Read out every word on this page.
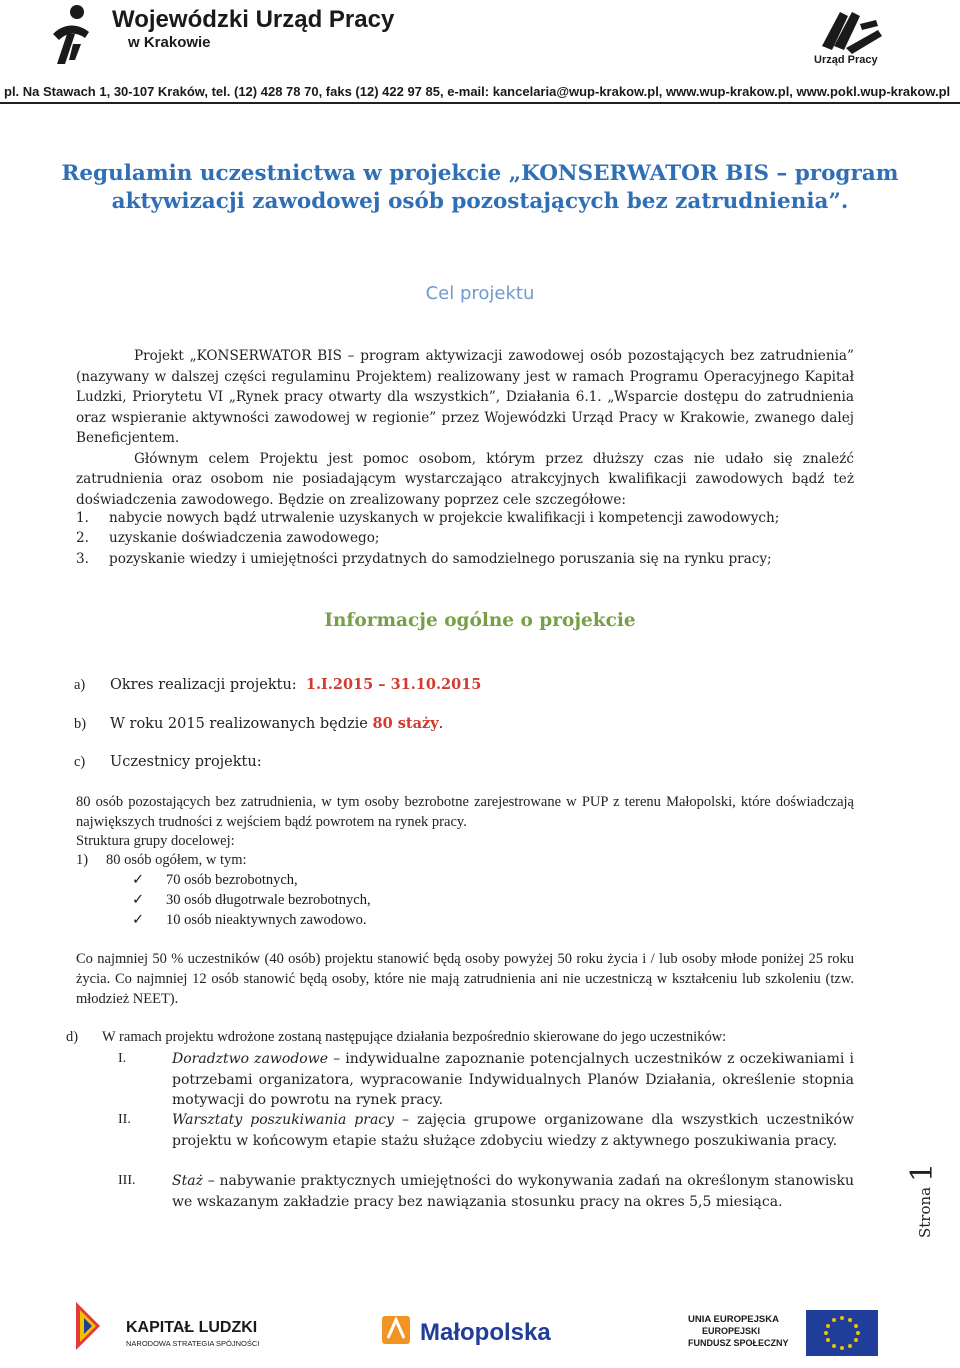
Wojewódzki Urząd Pracy
w Krakowie
Urząd Pracy
pl. Na Stawach 1, 30-107 Kraków, tel. (12) 428 78 70, faks (12) 422 97 85, e-mail: kancelaria@wup-krakow.pl, www.wup-krakow.pl, www.pokl.wup-krakow.pl
Regulamin uczestnictwa w projekcie „KONSERWATOR BIS – program
aktywizacji zawodowej osób pozostających bez zatrudnienia”.
Cel projektu

Projekt „KONSERWATOR BIS – program aktywizacji zawodowej osób pozostających bez zatrudnienia” (nazywany w dalszej części regulaminu Projektem) realizowany jest w ramach Programu Operacyjnego Kapitał Ludzki, Priorytetu VI „Rynek pracy otwarty dla wszystkich”, Działania 6.1. „Wsparcie dostępu do zatrudnienia oraz wspieranie aktywności zawodowej w regionie” przez Wojewódzki Urząd Pracy w Krakowie, zwanego dalej Beneficjentem.

Głównym celem Projektu jest pomoc osobom, którym przez dłuższy czas nie udało się znaleźć zatrudnienia oraz osobom nie posiadającym wystarczająco atrakcyjnych kwalifikacji zawodowych bądź też doświadczenia zawodowego. Będzie on zrealizowany poprzez cele szczegółowe:

1. nabycie nowych bądź utrwalenie uzyskanych w projekcie kwalifikacji i kompetencji zawodowych;
2. uzyskanie doświadczenia zawodowego;
3. pozyskanie wiedzy i umiejętności przydatnych do samodzielnego poruszania się na rynku pracy;
Informacje ogólne o projekcie
a) Okres realizacji projektu: 1.I.2015 – 31.10.2015
b) W roku 2015 realizowanych będzie 80 staży.
c) Uczestnicy projektu:
80 osób pozostających bez zatrudnienia, w tym osoby bezrobotne zarejestrowane w PUP z terenu Małopolski, które doświadczają największych trudności z wejściem bądź powrotem na rynek pracy.
Struktura grupy docelowej:
1) 80 osób ogółem, w tym:
✓ 70 osób bezrobotnych,
✓ 30 osób długotrwale bezrobotnych,
✓ 10 osób nieaktywnych zawodowo.
Co najmniej 50 % uczestników (40 osób) projektu stanowić będą osoby powyżej 50 roku życia i / lub osoby młode poniżej 25 roku życia. Co najmniej 12 osób stanowić będą osoby, które nie mają zatrudnienia ani nie uczestniczą w kształceniu lub szkoleniu (tzw. młodzież NEET).
d) W ramach projektu wdrożone zostaną następujące działania bezpośrednio skierowane do jego uczestników:
I.	Doradztwo zawodowe – indywidualne zapoznanie potencjalnych uczestników z oczekiwaniami i potrzebami organizatora, wypracowanie Indywidualnych Planów Działania, określenie stopnia motywacji do powrotu na rynek pracy.
II.	Warsztaty poszukiwania pracy – zajęcia grupowe organizowane dla wszystkich uczestników projektu w końcowym etapie stażu służące zdobyciu wiedzy z aktywnego poszukiwania pracy.
III.	Staż – nabywanie praktycznych umiejętności do wykonywania zadań na określonym stanowisku we wskazanym zakładzie pracy bez nawiązania stosunku pracy na okres 5,5 miesiąca.	Strona
1
KAPITAŁ LUDZKI
NARODOWA STRATEGIA SPÓJNOŚCI	Małopolska	UNIA EUROPEJSKA
EUROPEJSKI
FUNDUSZ SPOŁECZNY
